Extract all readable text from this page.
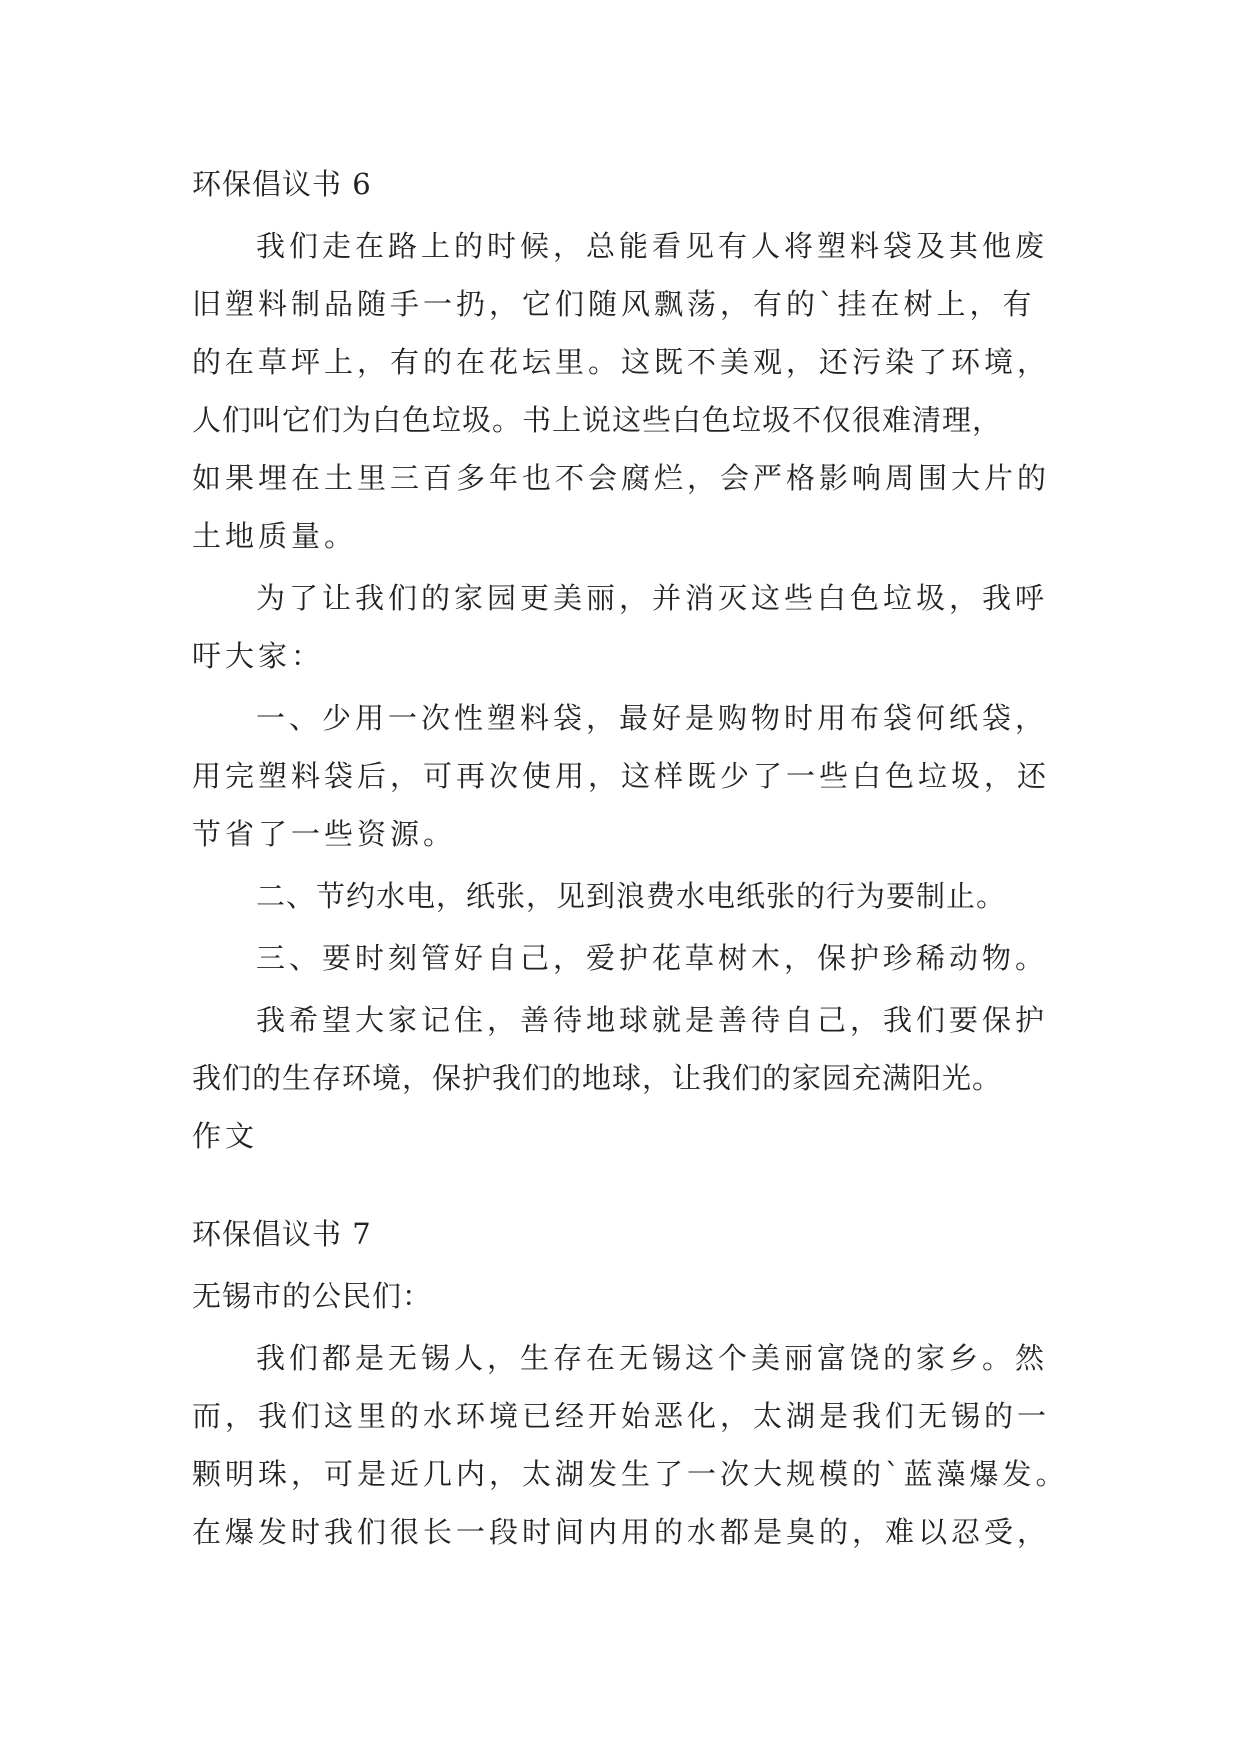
环保倡议书 6
我们走在路上的时候，总能看见有人将塑料袋及其他废
旧塑料制品随手一扔，它们随风飘荡，有的`挂在树上，有
的在草坪上，有的在花坛里。这既不美观，还污染了环境，
人们叫它们为白色垃圾。书上说这些白色垃圾不仅很难清理，
如果埋在土里三百多年也不会腐烂，会严格影响周围大片的
土地质量。
为了让我们的家园更美丽，并消灭这些白色垃圾，我呼
吁大家：
一、少用一次性塑料袋，最好是购物时用布袋何纸袋，
用完塑料袋后，可再次使用，这样既少了一些白色垃圾，还
节省了一些资源。
二、节约水电，纸张，见到浪费水电纸张的行为要制止。
三、要时刻管好自己，爱护花草树木，保护珍稀动物。
我希望大家记住，善待地球就是善待自己，我们要保护
我们的生存环境，保护我们的地球，让我们的家园充满阳光。
作文
环保倡议书 7
无锡市的公民们：
我们都是无锡人，生存在无锡这个美丽富饶的家乡。然
而，我们这里的水环境已经开始恶化，太湖是我们无锡的一
颗明珠，可是近几内，太湖发生了一次大规模的`蓝藻爆发。
在爆发时我们很长一段时间内用的水都是臭的，难以忍受，
